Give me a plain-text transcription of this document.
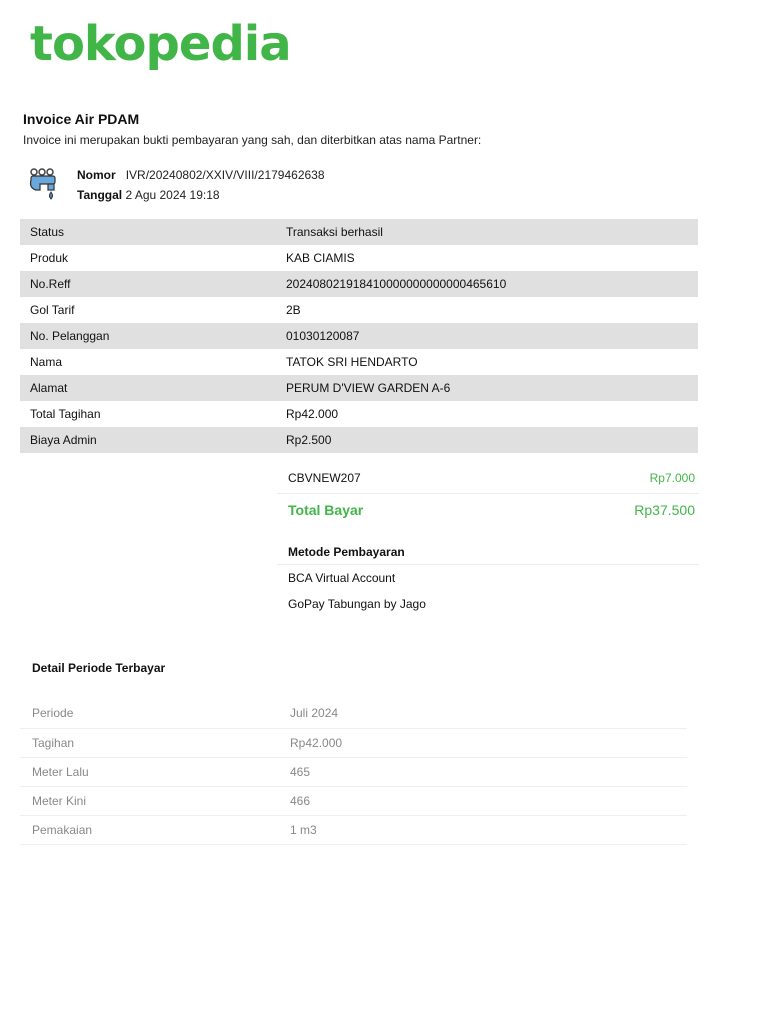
tokopedia
Invoice Air PDAM
Invoice ini merupakan bukti pembayaran yang sah, dan diterbitkan atas nama Partner:
Nomor IVR/20240802/XXIV/VIII/2179462638
Tanggal 2 Agu 2024 19:18
Status	Transaksi berhasil
Produk	KAB CIAMIS
No.Reff	202408021918410000000000000465610
Gol Tarif	2B
No. Pelanggan	01030120087
Nama	TATOK SRI HENDARTO
Alamat	PERUM D'VIEW GARDEN A-6
Total Tagihan	Rp42.000
Biaya Admin	Rp2.500
CBVNEW207	Rp7.000
Total Bayar	Rp37.500
Metode Pembayaran
BCA Virtual Account
GoPay Tabungan by Jago
Detail Periode Terbayar
Periode	Juli 2024
Tagihan	Rp42.000
Meter Lalu	465
Meter Kini	466
Pemakaian	1 m3
